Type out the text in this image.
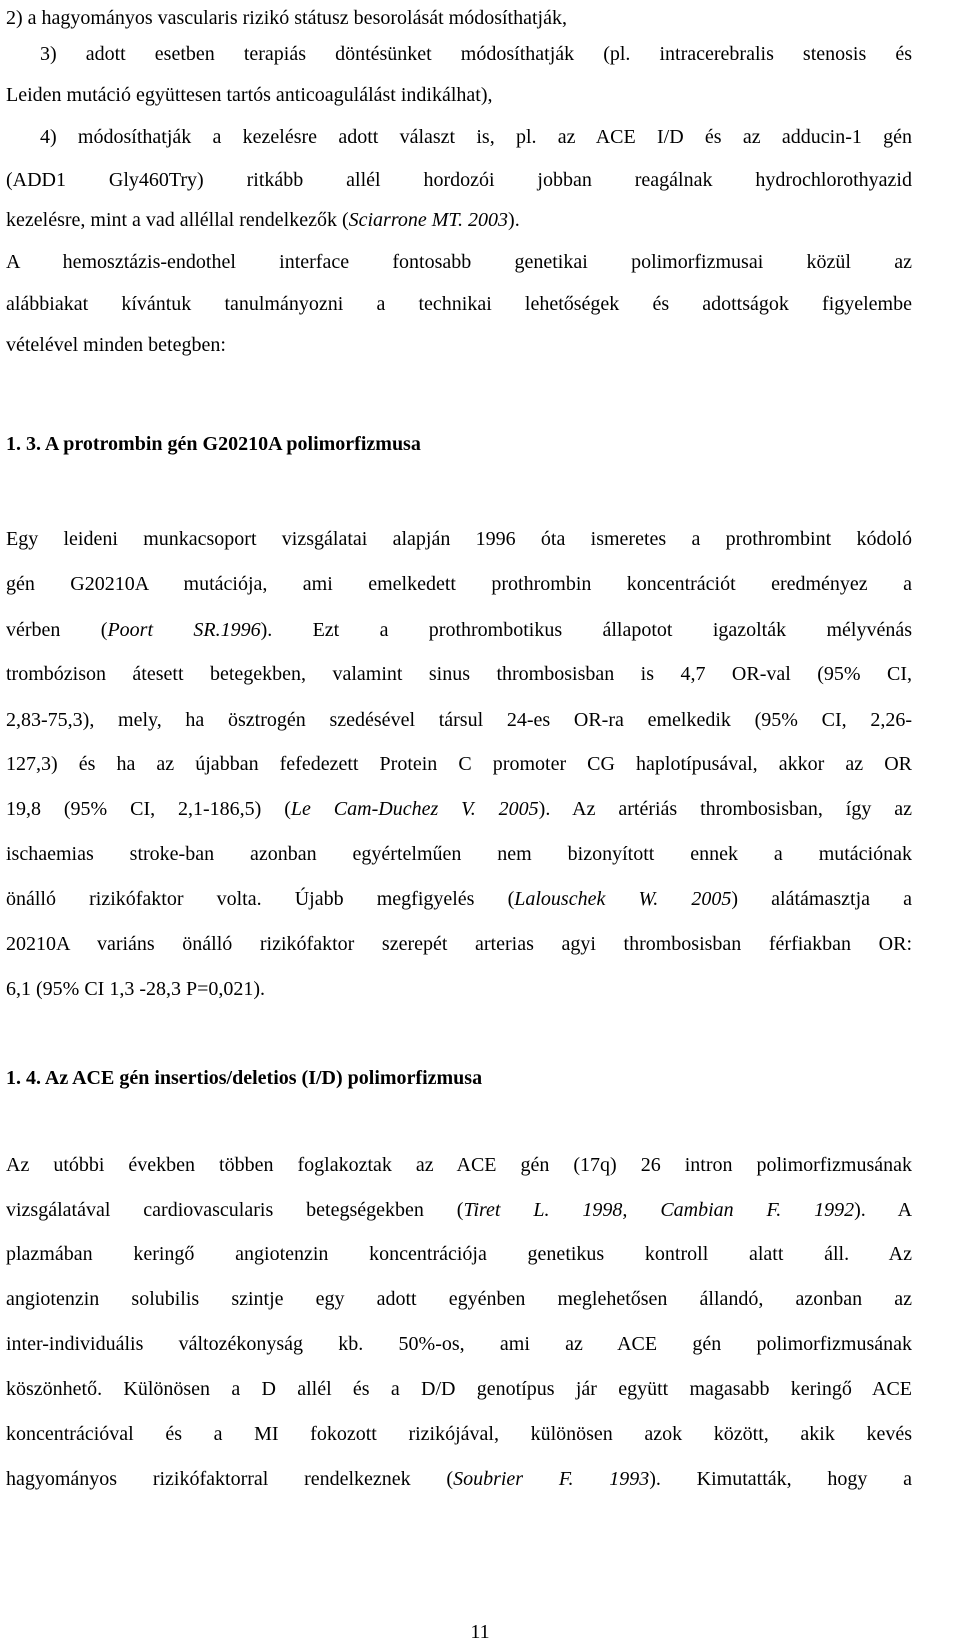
2) a hagyományos vascularis rizikó státusz besorolását módosíthatják,
3) adott esetben terapiás döntésünket módosíthatják (pl. intracerebralis stenosis és
Leiden mutáció együttesen tartós anticoagulálást indikálhat),
4) módosíthatják a kezelésre adott választ is, pl. az ACE I/D és az adducin-1 gén
(ADD1 Gly460Try) ritkább allél hordozói jobban reagálnak hydrochlorothyazid
kezelésre, mint a vad alléllal rendelkezők (Sciarrone MT. 2003).
A hemosztázis-endothel interface fontosabb genetikai polimorfizmusai közül az
alábbiakat kívántuk tanulmányozni a technikai lehetőségek és adottságok figyelembe
vételével minden betegben:
1. 3. A protrombin gén G20210A polimorfizmusa
Egy leideni munkacsoport vizsgálatai alapján 1996 óta ismeretes a prothrombint kódoló
gén G20210A mutációja, ami emelkedett prothrombin koncentrációt eredményez a
vérben (Poort SR.1996). Ezt a prothrombotikus állapotot igazolták mélyvénás
trombózison átesett betegekben, valamint sinus thrombosisban is 4,7 OR-val (95% CI,
2,83-75,3), mely, ha ösztrogén szedésével társul 24-es OR-ra emelkedik (95% CI, 2,26-
127,3) és ha az újabban fefedezett Protein C promoter CG haplotípusával, akkor az OR
19,8 (95% CI, 2,1-186,5) (Le Cam-Duchez V. 2005). Az artériás thrombosisban, így az
ischaemias stroke-ban azonban egyértelműen nem bizonyított ennek a mutációnak
önálló rizikófaktor volta. Újabb megfigyelés (Lalouschek W. 2005) alátámasztja a
20210A variáns önálló rizikófaktor szerepét arterias agyi thrombosisban férfiakban OR:
6,1 (95% CI 1,3 -28,3 P=0,021).
1. 4. Az ACE gén insertios/deletios (I/D) polimorfizmusa
Az utóbbi években többen foglakoztak az ACE gén (17q) 26 intron polimorfizmusának
vizsgálatával cardiovascularis betegségekben (Tiret L. 1998, Cambian F. 1992). A
plazmában keringő angiotenzin koncentrációja genetikus kontroll alatt áll. Az
angiotenzin solubilis szintje egy adott egyénben meglehetősen állandó, azonban az
inter-individuális változékonyság kb. 50%-os, ami az ACE gén polimorfizmusának
köszönhető. Különösen a D allél és a D/D genotípus jár együtt magasabb keringő ACE
koncentrációval és a MI fokozott rizikójával, különösen azok között, akik kevés
hagyományos rizikófaktorral rendelkeznek (Soubrier F. 1993). Kimutatták, hogy a
11
